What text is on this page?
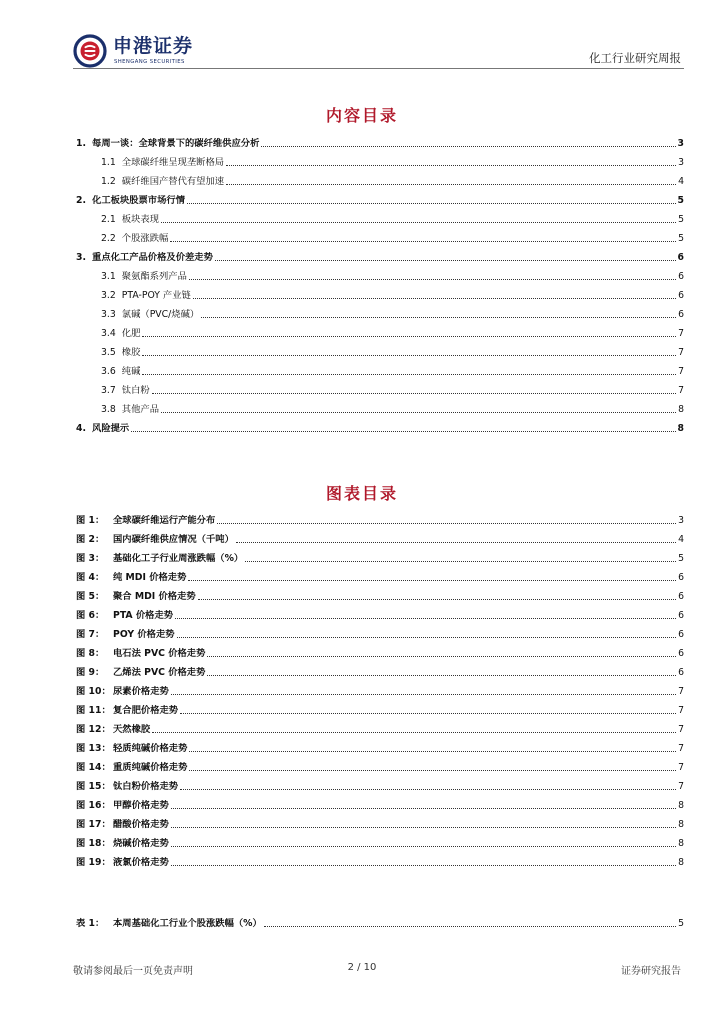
申港证券
SHENGANG SECURITIES	化工行业研究周报
内容目录
1. 每周一谈：全球背景下的碳纤维供应分析	3
1.1 全球碳纤维呈现垄断格局	3
1.2 碳纤维国产替代有望加速	4
2. 化工板块股票市场行情	5
2.1 板块表现	5
2.2 个股涨跌幅	5
3. 重点化工产品价格及价差走势	6
3.1 聚氨酯系列产品	6
3.2 PTA-POY 产业链	6
3.3 氯碱（PVC/烧碱）	6
3.4 化肥	7
3.5 橡胶	7
3.6 纯碱	7
3.7 钛白粉	7
3.8 其他产品	8
4. 风险提示	8
图表目录
图 1： 全球碳纤维运行产能分布	3
图 2： 国内碳纤维供应情况（千吨）	4
图 3： 基础化工子行业周涨跌幅（%）	5
图 4： 纯 MDI 价格走势	6
图 5： 聚合 MDI 价格走势	6
图 6： PTA 价格走势	6
图 7： POY 价格走势	6
图 8： 电石法 PVC 价格走势	6
图 9： 乙烯法 PVC 价格走势	6
图 10： 尿素价格走势	7
图 11： 复合肥价格走势	7
图 12： 天然橡胶	7
图 13： 轻质纯碱价格走势	7
图 14： 重质纯碱价格走势	7
图 15： 钛白粉价格走势	7
图 16： 甲醇价格走势	8
图 17： 醋酸价格走势	8
图 18： 烧碱价格走势	8
图 19： 液氯价格走势	8
表 1： 本周基础化工行业个股涨跌幅（%）	5
敬请参阅最后一页免责声明	2 / 10	证券研究报告
